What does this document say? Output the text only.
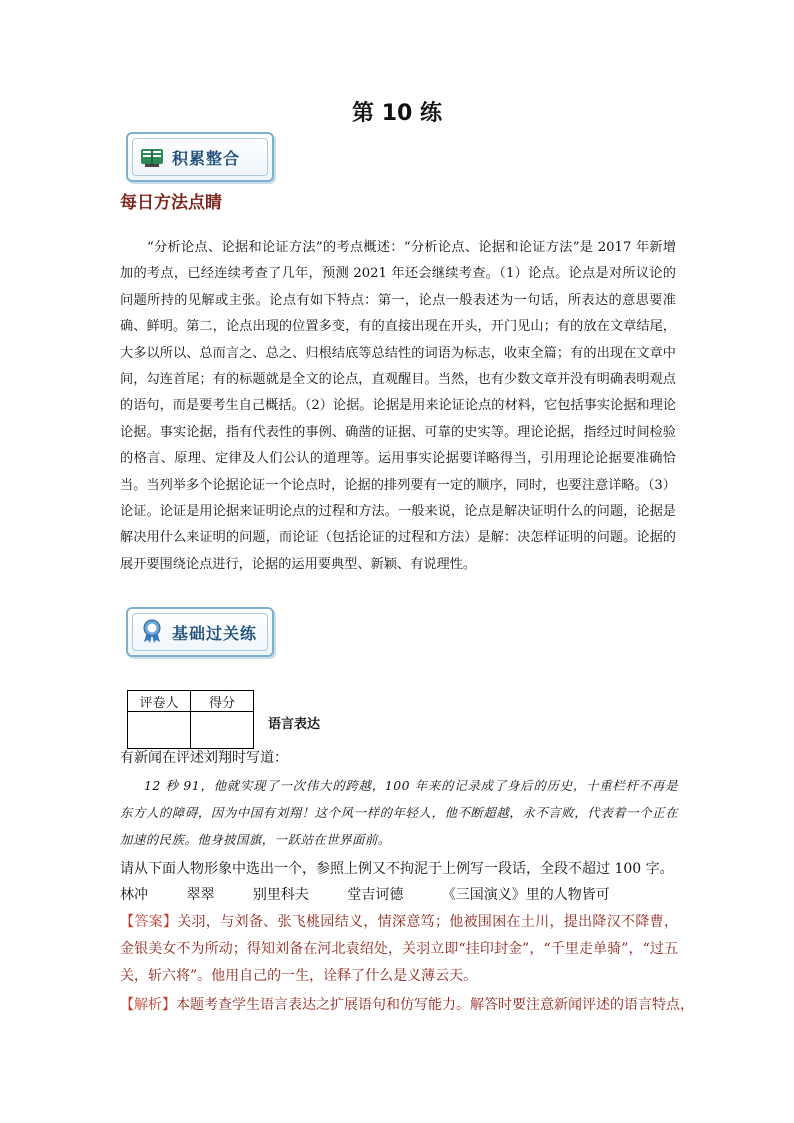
第 10 练
积累整合
每日方法点睛
“分析论点、论据和论证方法”的考点概述：“分析论点、论据和论证方法”是 2017 年新增加的考点，已经连续考查了几年，预测 2021 年还会继续考查。（1）论点。论点是对所议论的问题所持的见解或主张。论点有如下特点：第一，论点一般表述为一句话，所表达的意思要准确、鲜明。第二，论点出现的位置多变，有的直接出现在开头，开门见山；有的放在文章结尾，大多以所以、总而言之、总之、归根结底等总结性的词语为标志，收束全篇；有的出现在文章中间，勾连首尾；有的标题就是全文的论点，直观醒目。当然，也有少数文章并没有明确表明观点的语句，而是要考生自己概括。（2）论据。论据是用来论证论点的材料，它包括事实论据和理论论据。事实论据，指有代表性的事例、确凿的证据、可靠的史实等。理论论据，指经过时间检验的格言、原理、定律及人们公认的道理等。运用事实论据要详略得当，引用理论论据要准确恰当。当列举多个论据论证一个论点时，论据的排列要有一定的顺序，同时，也要注意详略。（3）论证。论证是用论据来证明论点的过程和方法。一般来说，论点是解决证明什么的问题，论据是解决用什么来证明的问题，而论证（包括论证的过程和方法）是解：决怎样证明的问题。论据的展开要围绕论点进行，论据的运用要典型、新颖、有说理性。
基础过关练
评卷人	得分

语言表达
有新闻在评述刘翔时写道：
12 秒 91，他就实现了一次伟大的跨越，100 年来的记录成了身后的历史，十重栏杆不再是东方人的障碍，因为中国有刘翔！这个风一样的年轻人，他不断超越，永不言败，代表着一个正在加速的民族。他身披国旗，一跃站在世界面前。
请从下面人物形象中选出一个，参照上例又不拘泥于上例写一段话，全段不超过 100 字。
林冲	翠翠	别里科夫	堂吉诃德	《三国演义》里的人物皆可
【答案】关羽，与刘备、张飞桃园结义，情深意笃；他被围困在土川，提出降汉不降曹，金银美女不为所动；得知刘备在河北袁绍处，关羽立即“挂印封金”，“千里走单骑”，“过五关，斩六将”。他用自己的一生，诠释了什么是义薄云天。
【解析】本题考查学生语言表达之扩展语句和仿写能力。解答时要注意新闻评述的语言特点，
